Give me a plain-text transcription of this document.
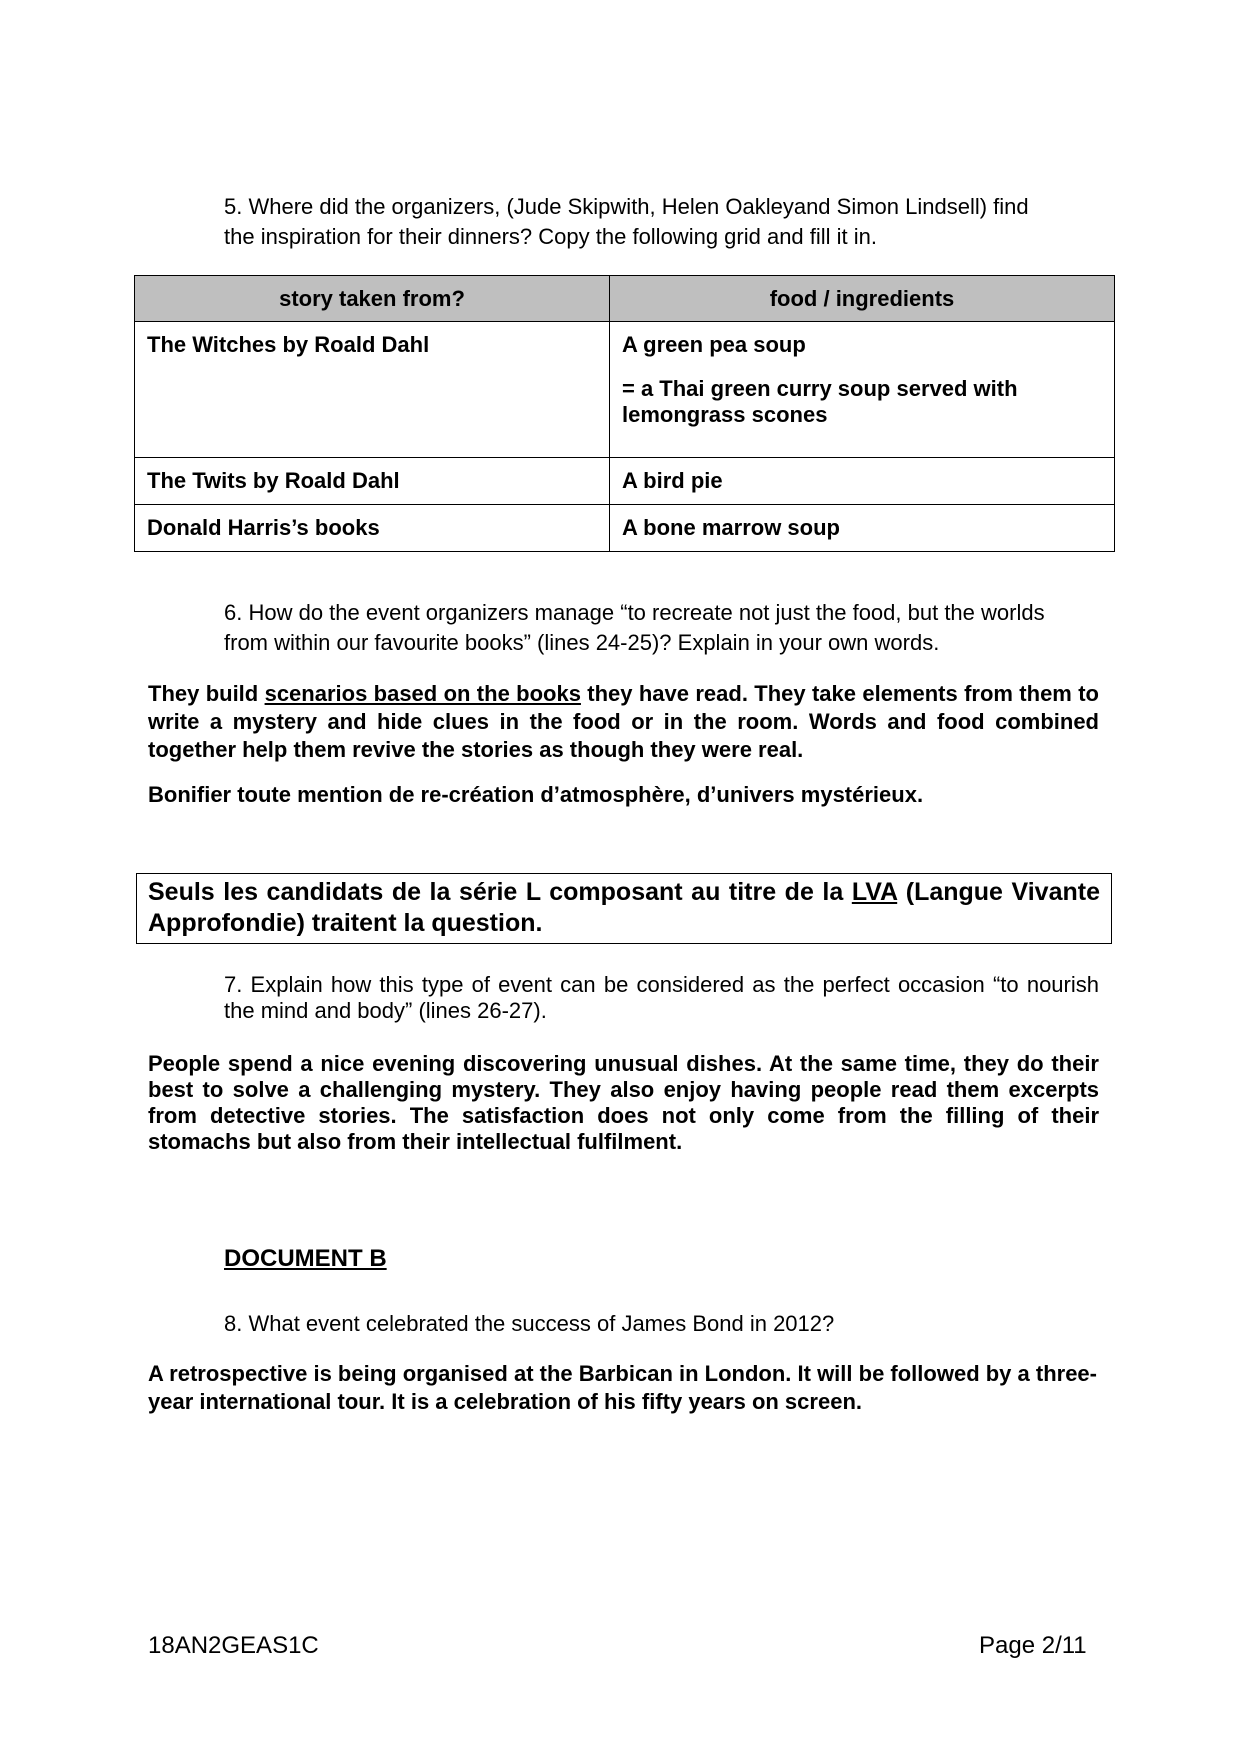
5. Where did the organizers, (Jude Skipwith, Helen Oakleyand Simon Lindsell) find
the inspiration for their dinners? Copy the following grid and fill it in.
story taken from?	food / ingredients
The Witches by Roald Dahl	A green pea soup

= a Thai green curry soup served with lemongrass scones

The Twits by Roald Dahl	A bird pie
Donald Harris’s books	A bone marrow soup
6. How do the event organizers manage “to recreate not just the food, but the worlds
from within our favourite books” (lines 24-25)? Explain in your own words.

They build scenarios based on the books they have read. They take elements from them to write a mystery and hide clues in the food or in the room. Words and food combined together help them revive the stories as though they were real.

Bonifier toute mention de re-création d’atmosphère, d’univers mystérieux.

Seuls les candidats de la série L composant au titre de la LVA (Langue Vivante Approfondie) traitent la question.
7. Explain how this type of event can be considered as the perfect occasion “to nourish the mind and body” (lines 26-27).
People spend a nice evening discovering unusual dishes. At the same time, they do their best to solve a challenging mystery. They also enjoy having people read them excerpts from detective stories. The satisfaction does not only come from the filling of their stomachs but also from their intellectual fulfilment.
DOCUMENT B
8. What event celebrated the success of James Bond in 2012?
A retrospective is being organised at the Barbican in London. It will be followed by a three-year international tour. It is a celebration of his fifty years on screen.
18AN2GEAS1C	Page 2/11
